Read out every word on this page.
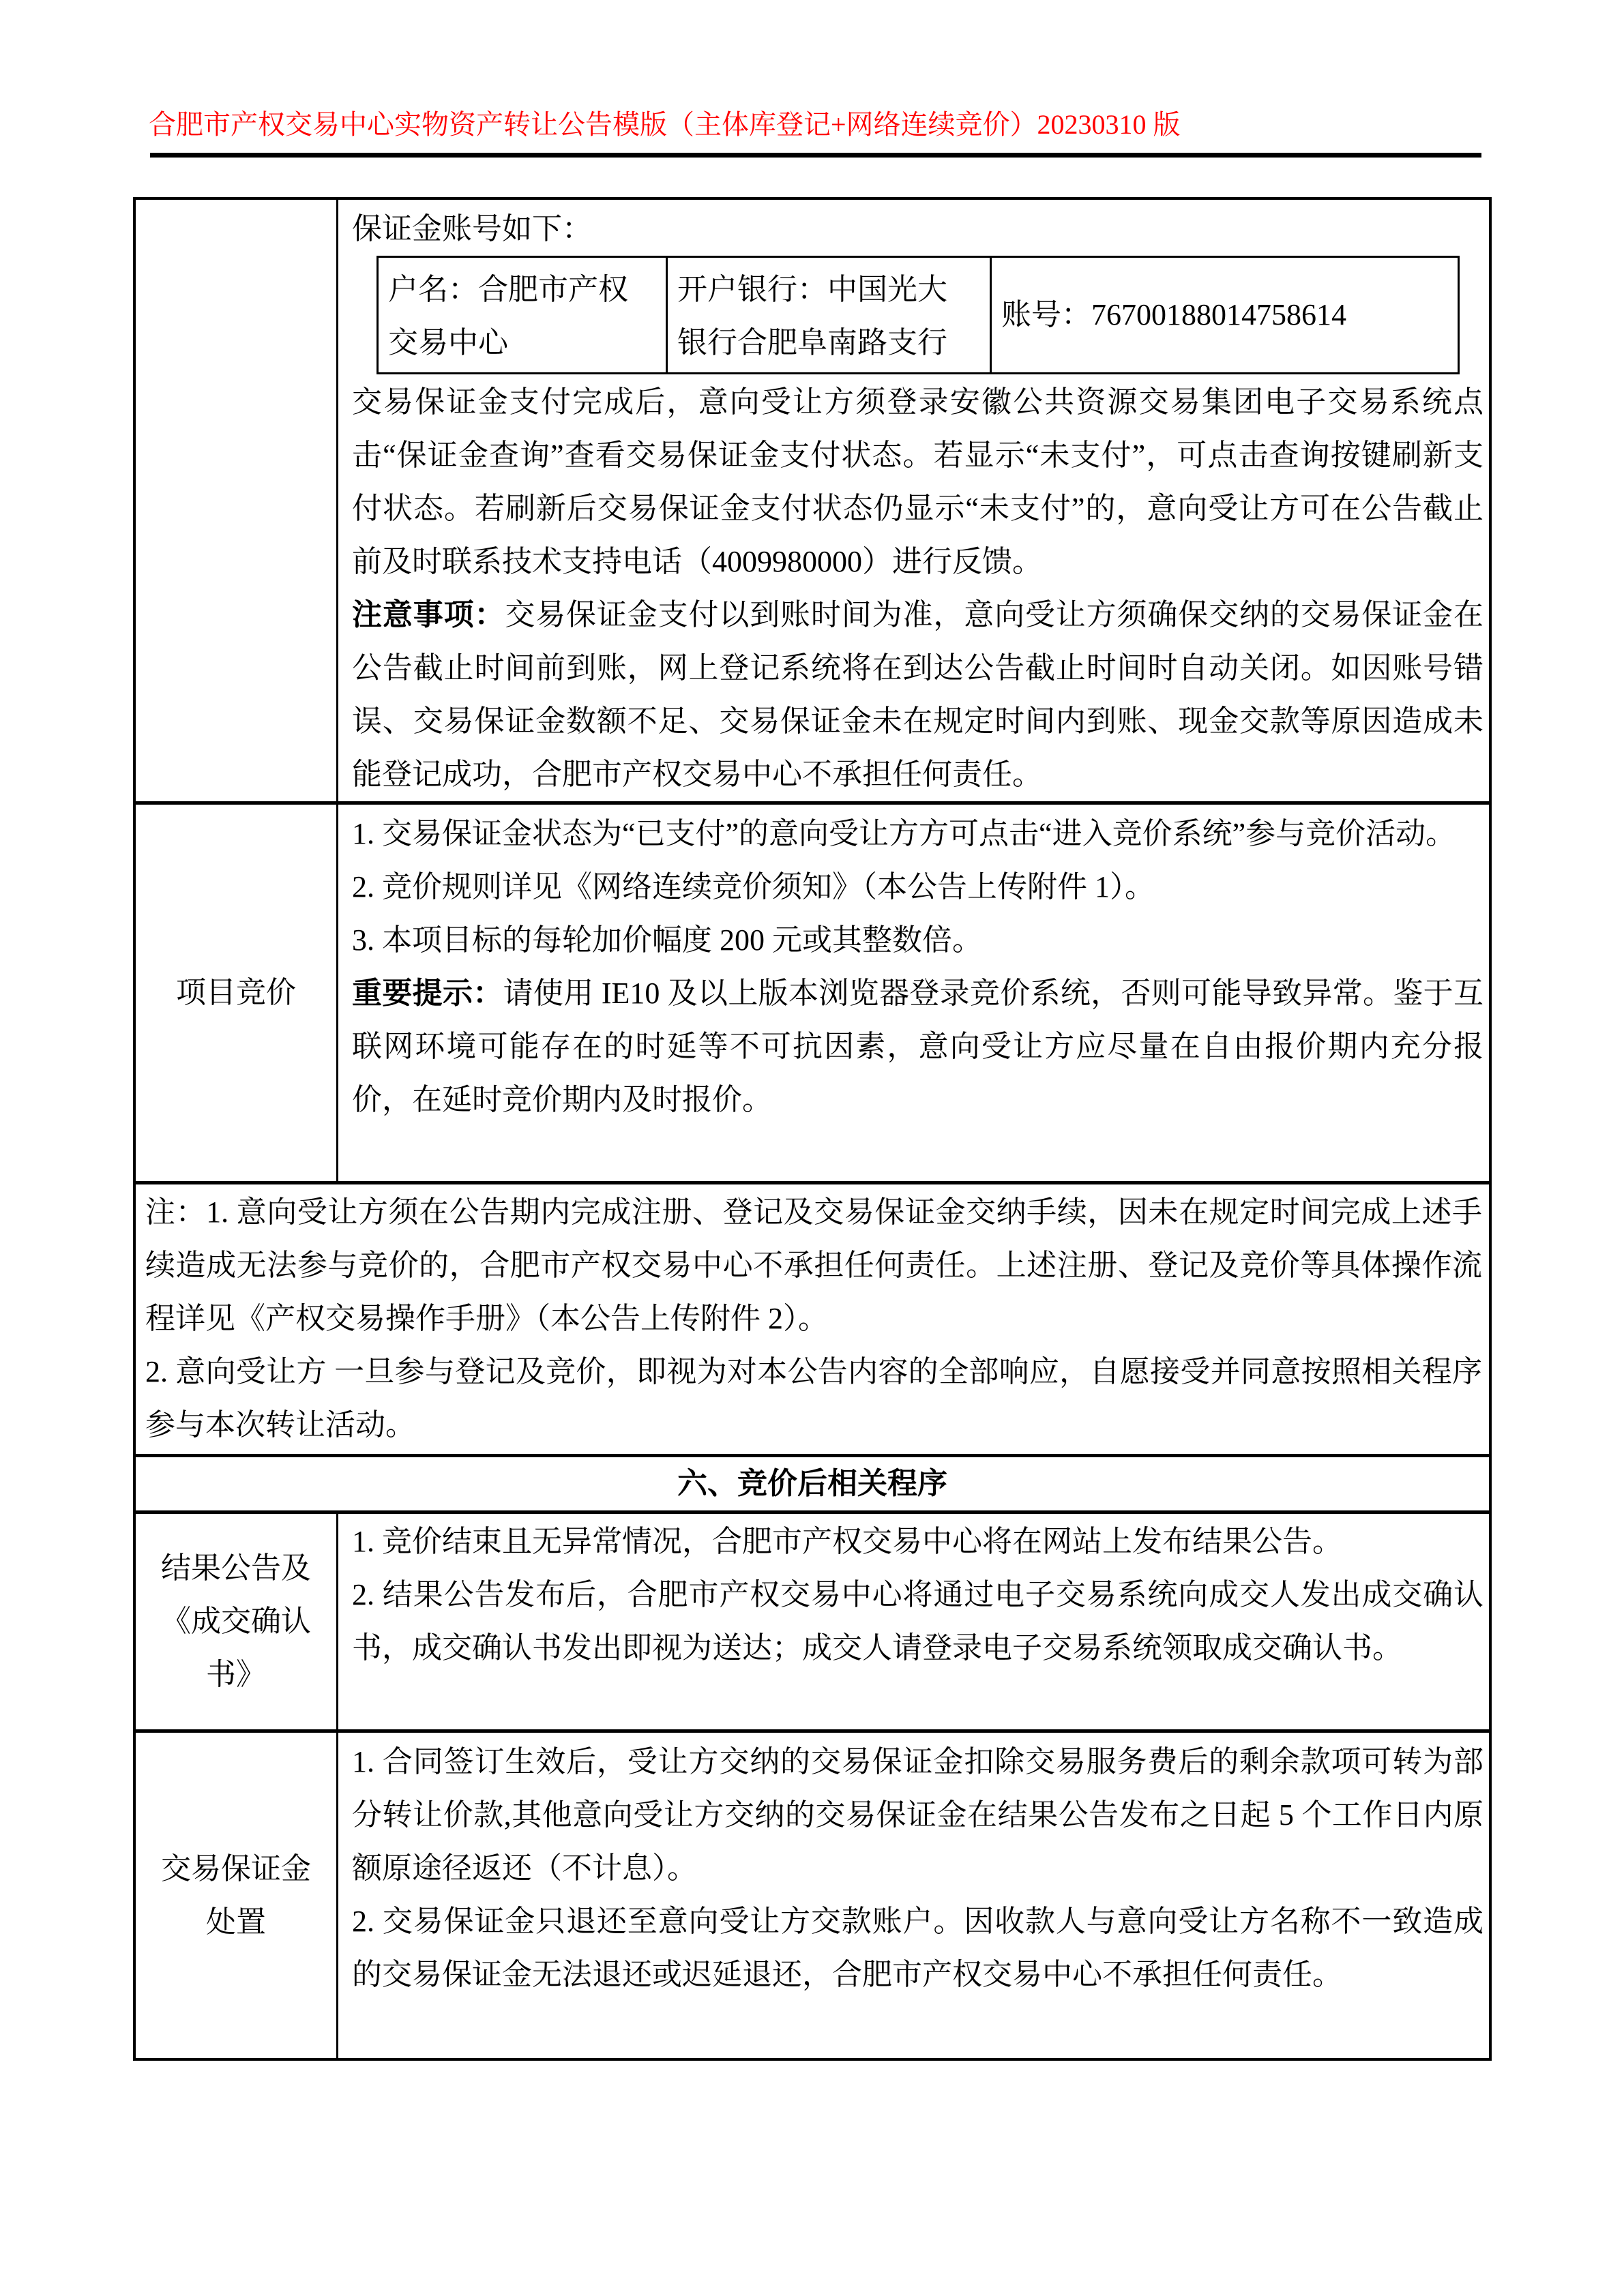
合肥市产权交易中心实物资产转让公告模版（主体库登记+网络连续竞价）20230310 版

保证金账号如下：

户名：合肥市产权交易中心
开户银行：中国光大银行合肥阜南路支行
账号：76700188014758614

交易保证金支付完成后，意向受让方须登录安徽公共资源交易集团电子交易系统点击“保证金查询”查看交易保证金支付状态。若显示“未支付”，可点击查询按键刷新支付状态。若刷新后交易保证金支付状态仍显示“未支付”的，意向受让方可在公告截止前及时联系技术支持电话（4009980000）进行反馈。

注意事项：交易保证金支付以到账时间为准，意向受让方须确保交纳的交易保证金在公告截止时间前到账，网上登记系统将在到达公告截止时间时自动关闭。如因账号错误、交易保证金数额不足、交易保证金未在规定时间内到账、现金交款等原因造成未能登记成功，合肥市产权交易中心不承担任何责任。

项目竞价

1. 交易保证金状态为“已支付”的意向受让方方可点击“进入竞价系统”参与竞价活动。

2. 竞价规则详见《网络连续竞价须知》（本公告上传附件 1）。

3. 本项目标的每轮加价幅度 200 元或其整数倍。

重要提示：请使用 IE10 及以上版本浏览器登录竞价系统，否则可能导致异常。鉴于互联网环境可能存在的时延等不可抗因素，意向受让方应尽量在自由报价期内充分报价，在延时竞价期内及时报价。

注：1. 意向受让方须在公告期内完成注册、登记及交易保证金交纳手续，因未在规定时间完成上述手续造成无法参与竞价的，合肥市产权交易中心不承担任何责任。上述注册、登记及竞价等具体操作流程详见《产权交易操作手册》（本公告上传附件 2）。

2. 意向受让方 一旦参与登记及竞价，即视为对本公告内容的全部响应，自愿接受并同意按照相关程序参与本次转让活动。

六、竞价后相关程序
结果公告及《成交确认书》

1. 竞价结束且无异常情况，合肥市产权交易中心将在网站上发布结果公告。

2. 结果公告发布后，合肥市产权交易中心将通过电子交易系统向成交人发出成交确认书，成交确认书发出即视为送达；成交人请登录电子交易系统领取成交确认书。

交易保证金处置

1. 合同签订生效后，受让方交纳的交易保证金扣除交易服务费后的剩余款项可转为部分转让价款,其他意向受让方交纳的交易保证金在结果公告发布之日起 5 个工作日内原额原途径返还（不计息）。

2. 交易保证金只退还至意向受让方交款账户。因收款人与意向受让方名称不一致造成的交易保证金无法退还或迟延退还，合肥市产权交易中心不承担任何责任。
